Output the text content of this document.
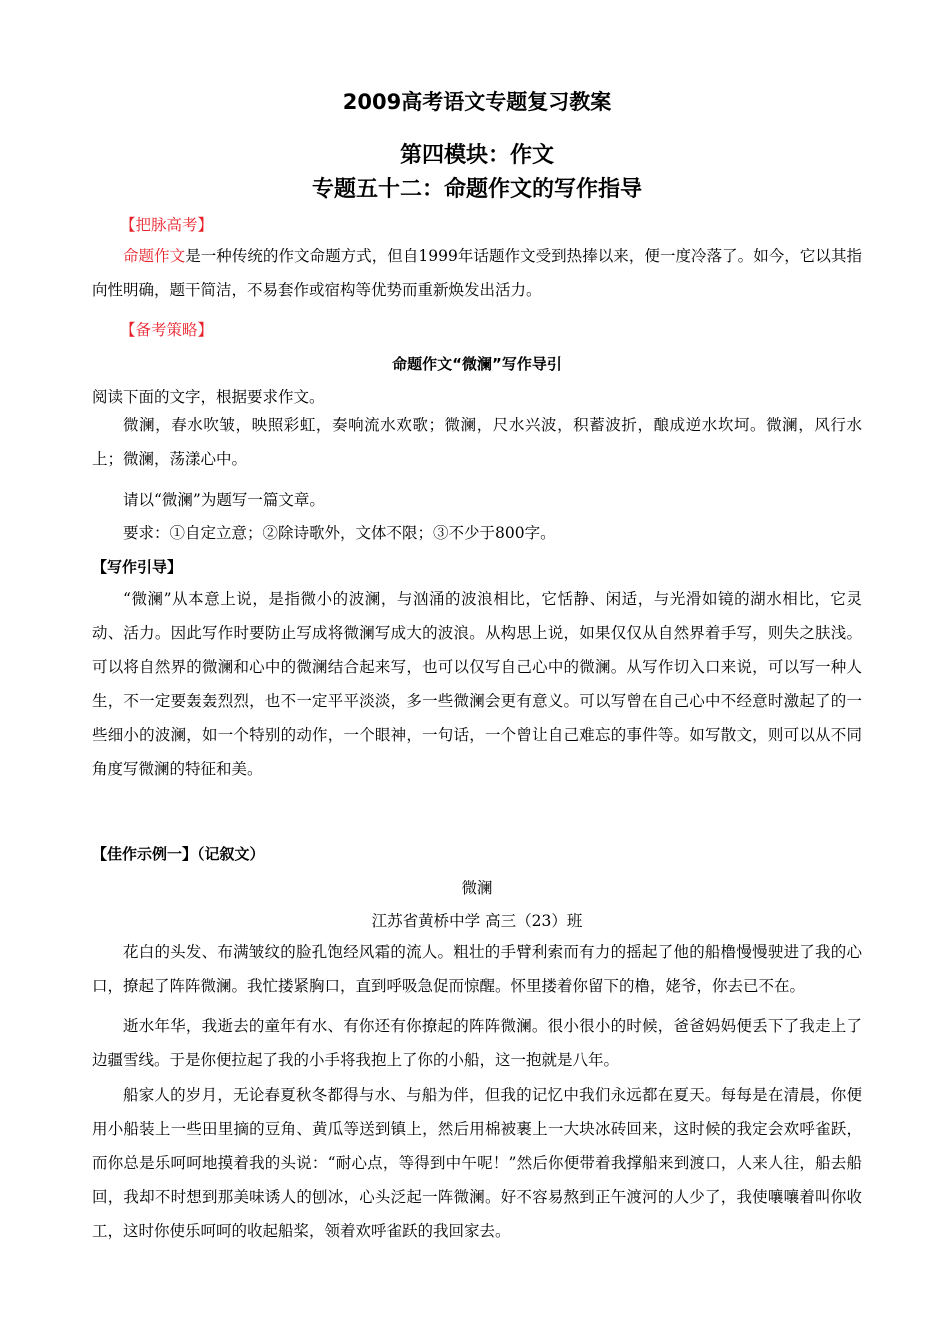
2009高考语文专题复习教案
第四模块：作文
专题五十二：命题作文的写作指导
【把脉高考】
命题作文是一种传统的作文命题方式，但自1999年话题作文受到热捧以来，便一度冷落了。如今，它以其指向性明确，题干简洁，不易套作或宿构等优势而重新焕发出活力。
【备考策略】
命题作文“微澜”写作导引
阅读下面的文字，根据要求作文。
微澜，春水吹皱，映照彩虹，奏响流水欢歌；微澜，尺水兴波，积蓄波折，酿成逆水坎坷。微澜，风行水上；微澜，荡漾心中。
请以“微澜”为题写一篇文章。
要求：①自定立意；②除诗歌外，文体不限；③不少于800字。
【写作引导】
“微澜”从本意上说，是指微小的波澜，与汹涌的波浪相比，它恬静、闲适，与光滑如镜的湖水相比，它灵动、活力。因此写作时要防止写成将微澜写成大的波浪。从构思上说，如果仅仅从自然界着手写，则失之肤浅。可以将自然界的微澜和心中的微澜结合起来写，也可以仅写自己心中的微澜。从写作切入口来说，可以写一种人生，不一定要轰轰烈烈，也不一定平平淡淡，多一些微澜会更有意义。可以写曾在自己心中不经意时激起了的一些细小的波澜，如一个特别的动作，一个眼神，一句话，一个曾让自己难忘的事件等。如写散文，则可以从不同角度写微澜的特征和美。
【佳作示例一】（记叙文）
微澜
江苏省黄桥中学 高三（23）班
花白的头发、布满皱纹的脸孔饱经风霜的流人。粗壮的手臂利索而有力的摇起了他的船橹慢慢驶进了我的心口，撩起了阵阵微澜。我忙搂紧胸口，直到呼吸急促而惊醒。怀里搂着你留下的橹，姥爷，你去已不在。
逝水年华，我逝去的童年有水、有你还有你撩起的阵阵微澜。很小很小的时候，爸爸妈妈便丢下了我走上了边疆雪线。于是你便拉起了我的小手将我抱上了你的小船，这一抱就是八年。
船家人的岁月，无论春夏秋冬都得与水、与船为伴，但我的记忆中我们永远都在夏天。每每是在清晨，你便用小船装上一些田里摘的豆角、黄瓜等送到镇上，然后用棉被裹上一大块冰砖回来，这时候的我定会欢呼雀跃，而你总是乐呵呵地摸着我的头说：“耐心点，等得到中午呢！”然后你便带着我撑船来到渡口，人来人往，船去船回，我却不时想到那美味诱人的刨冰，心头泛起一阵微澜。好不容易熬到正午渡河的人少了，我使嚷嚷着叫你收工，这时你使乐呵呵的收起船桨，领着欢呼雀跃的我回家去。
